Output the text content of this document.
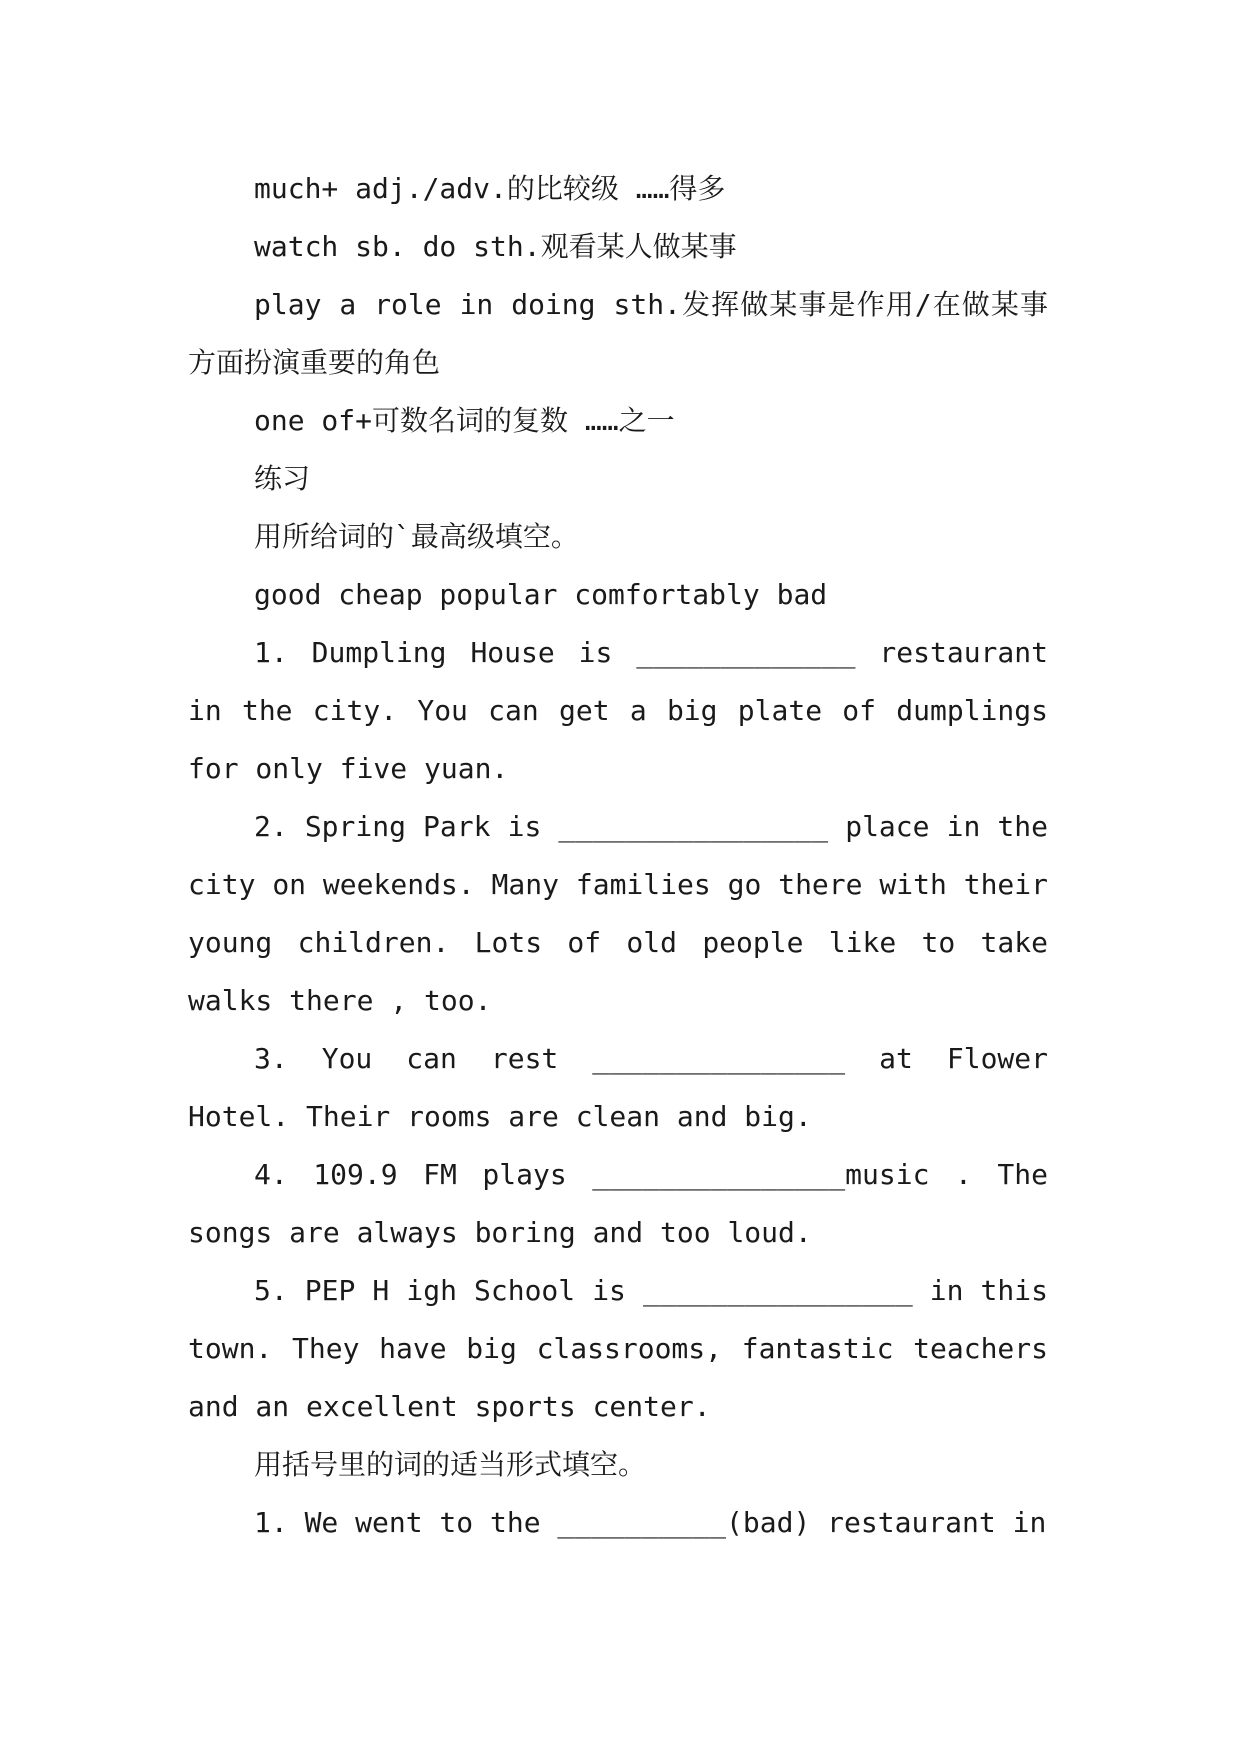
much+ adj./adv.的比较级 ……得多

watch sb. do sth.观看某人做某事

play a role in doing sth.发挥做某事是作用/在做某事方面扮演重要的角色

one of+可数名词的复数 ……之一

练习

用所给词的`最高级填空。

good cheap popular comfortably bad

1. Dumpling House is _____________ restaurant in the city. You can get a big plate of dumplings for only five yuan.

2. Spring Park is ________________ place in the city on weekends. Many families go there with their young children. Lots of old people like to take walks there , too.

3. You can rest _______________ at Flower Hotel. Their rooms are clean and big.

4. 109.9 FM plays _______________music . The songs are always boring and too loud.

5. PEP H igh School is ________________ in this town. They have big classrooms, fantastic teachers and an excellent sports center.

用括号里的词的适当形式填空。

1. We went to the __________(bad) restaurant in
